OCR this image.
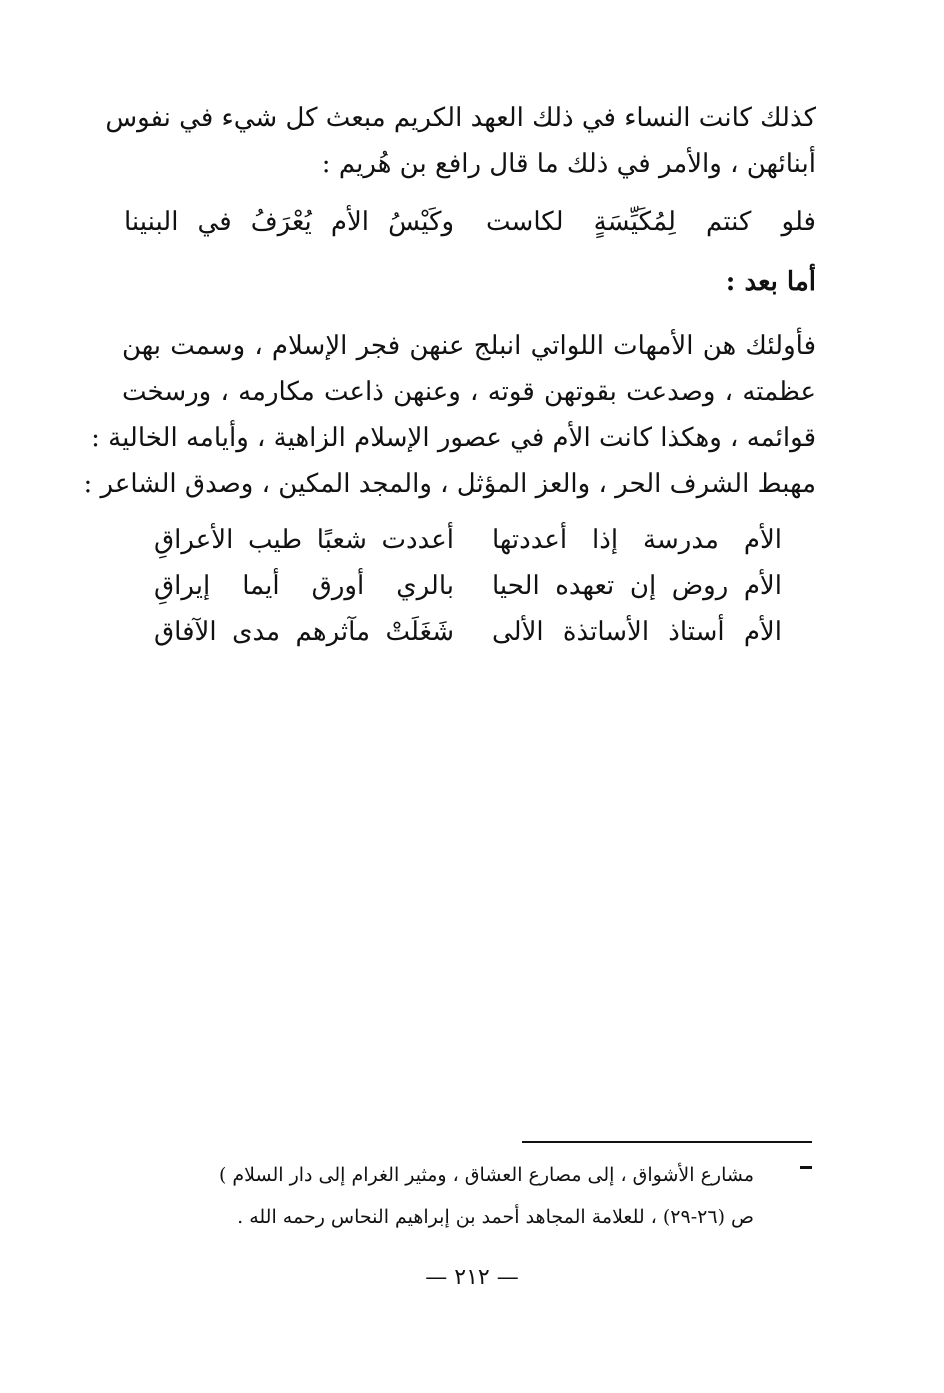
كذلك كانت النساء في ذلك العهد الكريم مبعث كل شيء في نفوس
أبنائهن ، والأمر في ذلك ما قال رافع بن هُريم :
فلو كنتم لِمُكَيِّسَةٍ لكاست
وكَيْسُ الأم يُعْرَفُ في البنينا
أما بعد :
فأولئك هن الأمهات اللواتي انبلج عنهن فجر الإسلام ، وسمت بهن
عظمته ، وصدعت بقوتهن قوته ، وعنهن ذاعت مكارمه ، ورسخت
قوائمه ، وهكذا كانت الأم في عصور الإسلام الزاهية ، وأيامه الخالية :
مهبط الشرف الحر ، والعز المؤثل ، والمجد المكين ، وصدق الشاعر :
الأم مدرسة إذا أعددتها
أعددت شعبًا طيب الأعراقِ
الأم روض إن تعهده الحيا
بالري أورق أيما إيراقِ
الأم أستاذ الأساتذة الألى
شَغَلَتْ مآثرهم مدى الآفاق
مشارع الأشواق ، إلى مصارع العشاق ، ومثير الغرام إلى دار السلام )
ص (٢٦-٢٩) ، للعلامة المجاهد أحمد بن إبراهيم النحاس رحمه الله .
— ٢١٢ —
